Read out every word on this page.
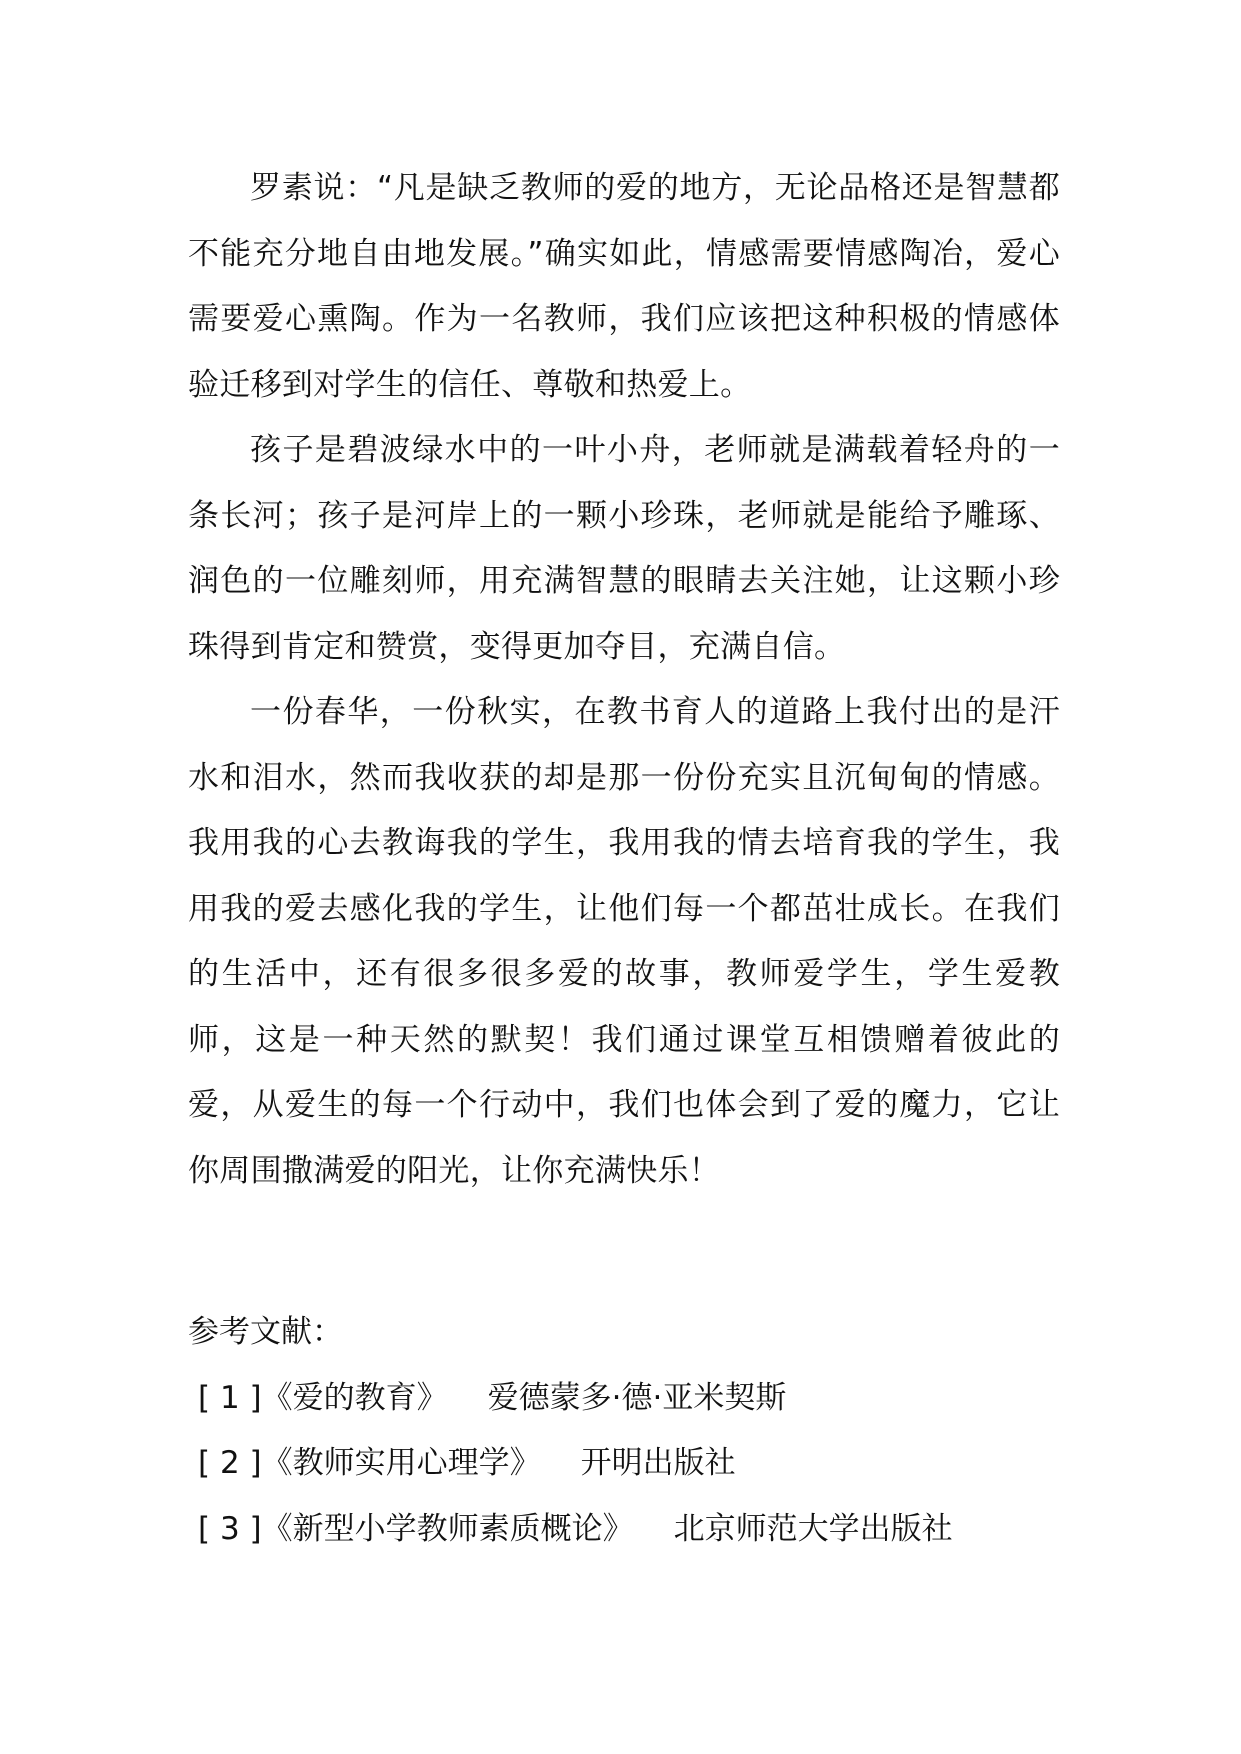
罗素说：“凡是缺乏教师的爱的地方，无论品格还是智慧都不能充分地自由地发展。”确实如此，情感需要情感陶冶，爱心需要爱心熏陶。作为一名教师，我们应该把这种积极的情感体验迁移到对学生的信任、尊敬和热爱上。

孩子是碧波绿水中的一叶小舟，老师就是满载着轻舟的一条长河；孩子是河岸上的一颗小珍珠，老师就是能给予雕琢、润色的一位雕刻师，用充满智慧的眼睛去关注她，让这颗小珍珠得到肯定和赞赏，变得更加夺目，充满自信。

一份春华，一份秋实，在教书育人的道路上我付出的是汗水和泪水，然而我收获的却是那一份份充实且沉甸甸的情感。我用我的心去教诲我的学生，我用我的情去培育我的学生，我用我的爱去感化我的学生，让他们每一个都茁壮成长。在我们的生活中，还有很多很多爱的故事，教师爱学生，学生爱教师，这是一种天然的默契！我们通过课堂互相馈赠着彼此的爱，从爱生的每一个行动中，我们也体会到了爱的魔力，它让你周围撒满爱的阳光，让你充满快乐！

参考文献：

[ 1 ]《爱的教育》 爱德蒙多·德·亚米契斯

[ 2 ]《教师实用心理学》 开明出版社

[ 3 ]《新型小学教师素质概论》 北京师范大学出版社
